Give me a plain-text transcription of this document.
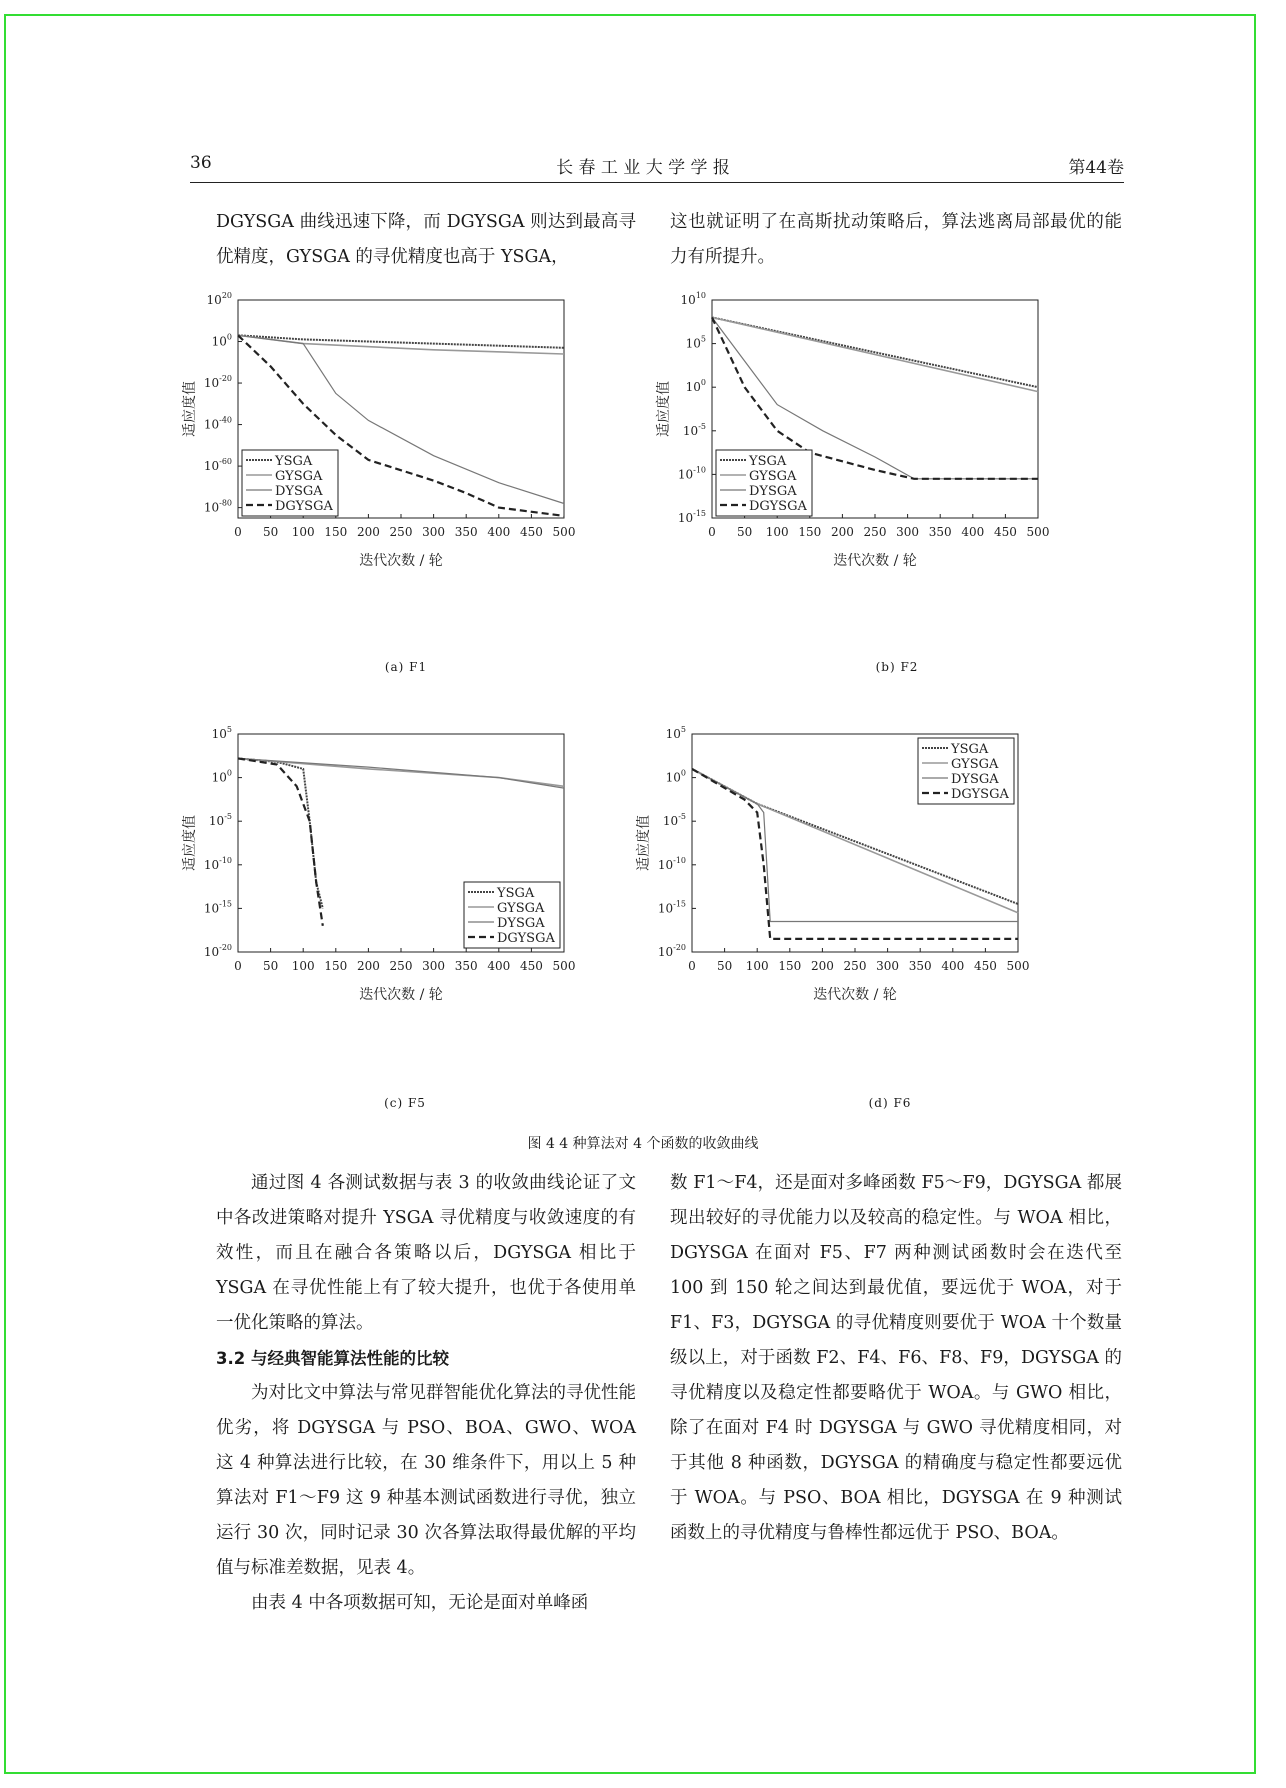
36	长 春 工 业 大 学 学 报	第44卷
DGYSGA 曲线迅速下降，而 DGYSGA 则达到最高寻优精度，GYSGA 的寻优精度也高于 YSGA，
这也就证明了在高斯扰动策略后，算法逃离局部最优的能力有所提升。
0 50 100 150 200 250 300 350 400 450 500
$10^{20}$
$10^0$
$10^{-20}$
$10^{-40}$
$10^{-60}$
$10^{-80}$
迭代次数 / 轮
适应度值
YSGA
GYSGA
DYSGA
DGYSGA
0 50 100 150 200 250 300 350 400 450 500
$10^{10}$
$10^5$
$10^0$
$10^{-5}$
$10^{-10}$
$10^{-15}$
迭代次数 / 轮
适应度值
YSGA
GYSGA
DYSGA
DGYSGA
0 50 100 150 200 250 300 350 400 450 500
$10^5$
$10^0$
$10^{-5}$
$10^{-10}$
$10^{-15}$
$10^{-20}$
迭代次数 / 轮
适应度值
YSGA
GYSGA
DYSGA
DGYSGA
0 50 100 150 200 250 300 350 400 450 500
$10^5$
$10^0$
$10^{-5}$
$10^{-10}$
$10^{-15}$
$10^{-20}$
迭代次数 / 轮
适应度值
YSGA
GYSGA
DYSGA
DGYSGA
(a) F1	(b) F2
(c) F5	(d) F6
图 4 4 种算法对 4 个函数的收敛曲线

通过图 4 各测试数据与表 3 的收敛曲线论证了文中各改进策略对提升 YSGA 寻优精度与收敛速度的有效性，而且在融合各策略以后，DGYSGA 相比于 YSGA 在寻优性能上有了较大提升，也优于各使用单一优化策略的算法。

3.2 与经典智能算法性能的比较

为对比文中算法与常见群智能优化算法的寻优性能优劣，将 DGYSGA 与 PSO、BOA、GWO、WOA 这 4 种算法进行比较，在 30 维条件下，用以上 5 种算法对 F1～F9 这 9 种基本测试函数进行寻优，独立运行 30 次，同时记录 30 次各算法取得最优解的平均值与标准差数据，见表 4。

由表 4 中各项数据可知，无论是面对单峰函

数 F1～F4，还是面对多峰函数 F5～F9，DGYSGA 都展现出较好的寻优能力以及较高的稳定性。与 WOA 相比，DGYSGA 在面对 F5、F7 两种测试函数时会在迭代至 100 到 150 轮之间达到最优值，要远优于 WOA，对于 F1、F3，DGYSGA 的寻优精度则要优于 WOA 十个数量级以上，对于函数 F2、F4、F6、F8、F9，DGYSGA 的寻优精度以及稳定性都要略优于 WOA。与 GWO 相比，除了在面对 F4 时 DGYSGA 与 GWO 寻优精度相同，对于其他 8 种函数，DGYSGA 的精确度与稳定性都要远优于 WOA。与 PSO、BOA 相比，DGYSGA 在 9 种测试函数上的寻优精度与鲁棒性都远优于 PSO、BOA。
